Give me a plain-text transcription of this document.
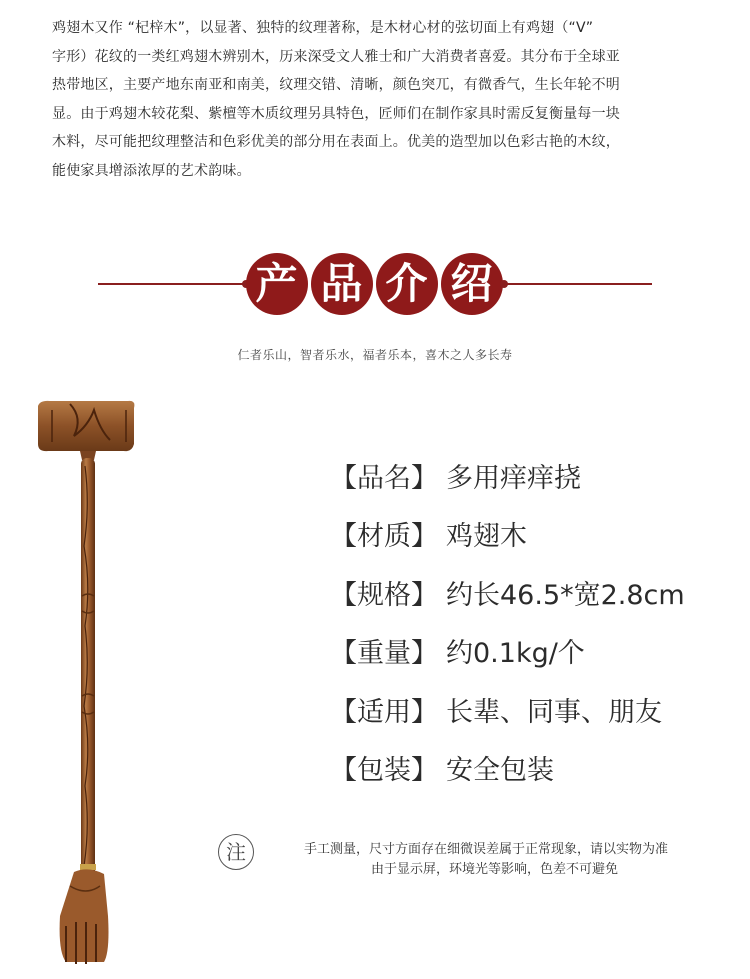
鸡翅木又作 “杞梓木”，以显著、独特的纹理著称，是木材心材的弦切面上有鸡翅（“V”
字形）花纹的一类红鸡翅木辨别木，历来深受文人雅士和广大消费者喜爱。其分布于全球亚
热带地区，主要产地东南亚和南美，纹理交错、清晰，颜色突兀，有微香气，生长年轮不明
显。由于鸡翅木较花梨、紫檀等木质纹理另具特色，匠师们在制作家具时需反复衡量每一块
木料，尽可能把纹理整洁和色彩优美的部分用在表面上。优美的造型加以色彩古艳的木纹，
能使家具增添浓厚的艺术韵味。
产 品 介 绍
仁者乐山，智者乐水，福者乐本，喜木之人多长寿
【品名】 多用痒痒挠
【材质】 鸡翅木
【规格】 约长46.5*宽2.8cm
【重量】 约0.1kg/个
【适用】 长辈、同事、朋友
【包装】 安全包装
注	手工测量，尺寸方面存在细微误差属于正常现象，请以实物为准
由于显示屏，环境光等影响，色差不可避免
